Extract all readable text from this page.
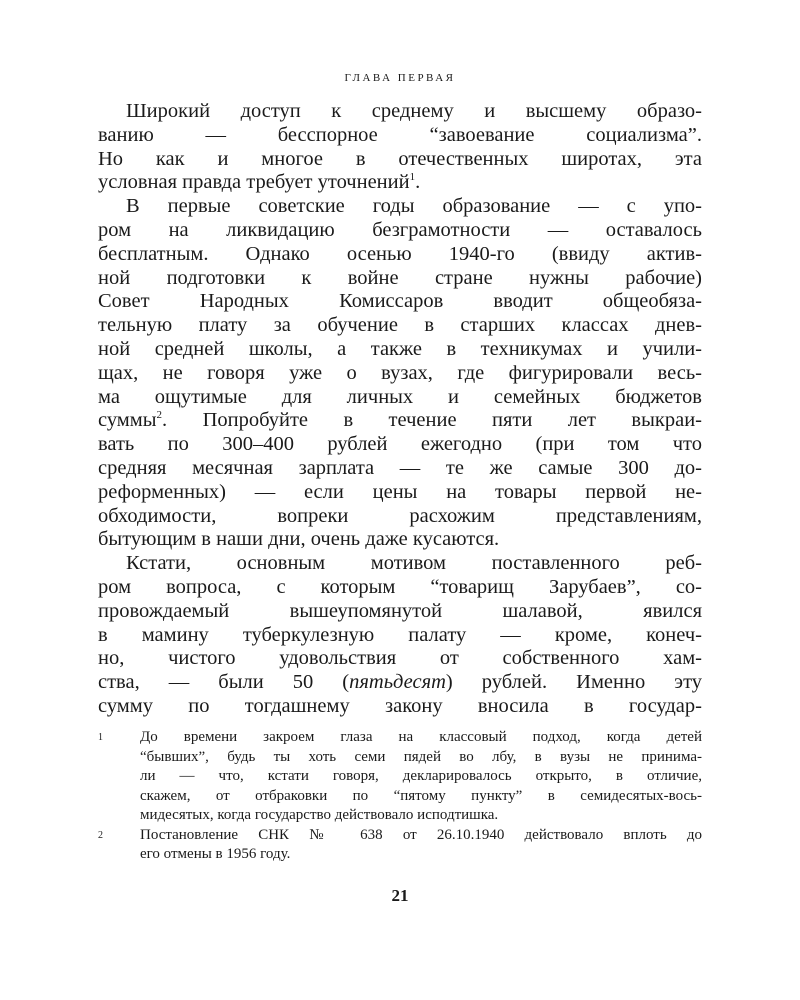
ГЛАВА ПЕРВАЯ
Широкий доступ к среднему и высшему образо-
ванию — бесспорное “завоевание социализма”.
Но как и многое в отечественных широтах, эта
условная правда требует уточнений$^1$.
В первые советские годы образование — с упо-
ром на ликвидацию безграмотности — оставалось
бесплатным. Однако осенью 1940-го (ввиду актив-
ной подготовки к войне стране нужны рабочие)
Совет Народных Комиссаров вводит общеобяза-
тельную плату за обучение в старших классах днев-
ной средней школы, а также в техникумах и учили-
щах, не говоря уже о вузах, где фигурировали весь-
ма ощутимые для личных и семейных бюджетов
суммы$^2$. Попробуйте в течение пяти лет выкраи-
вать по 300–400 рублей ежегодно (при том что
средняя месячная зарплата — те же самые 300 до-
реформенных) — если цены на товары первой не-
обходимости, вопреки расхожим представлениям,
бытующим в наши дни, очень даже кусаются.
Кстати, основным мотивом поставленного реб-
ром вопроса, с которым “товарищ Зарубаев”, со-
провождаемый вышеупомянутой шалавой, явился
в мамину туберкулезную палату — кроме, конеч-
но, чистого удовольствия от собственного хам-
ства, — были 50 (пятьдесят) рублей. Именно эту
сумму по тогдашнему закону вносила в государ-
1 До времени закроем глаза на классовый подход, когда детей
“бывших”, будь ты хоть семи пядей во лбу, в вузы не принима-
ли — что, кстати говоря, декларировалось открыто, в отличие,
скажем, от отбраковки по “пятому пункту” в семидесятых-вось-
мидесятых, когда государство действовало исподтишка.
2 Постановление СНК № 638 от 26.10.1940 действовало вплоть до
его отмены в 1956 году.
21
